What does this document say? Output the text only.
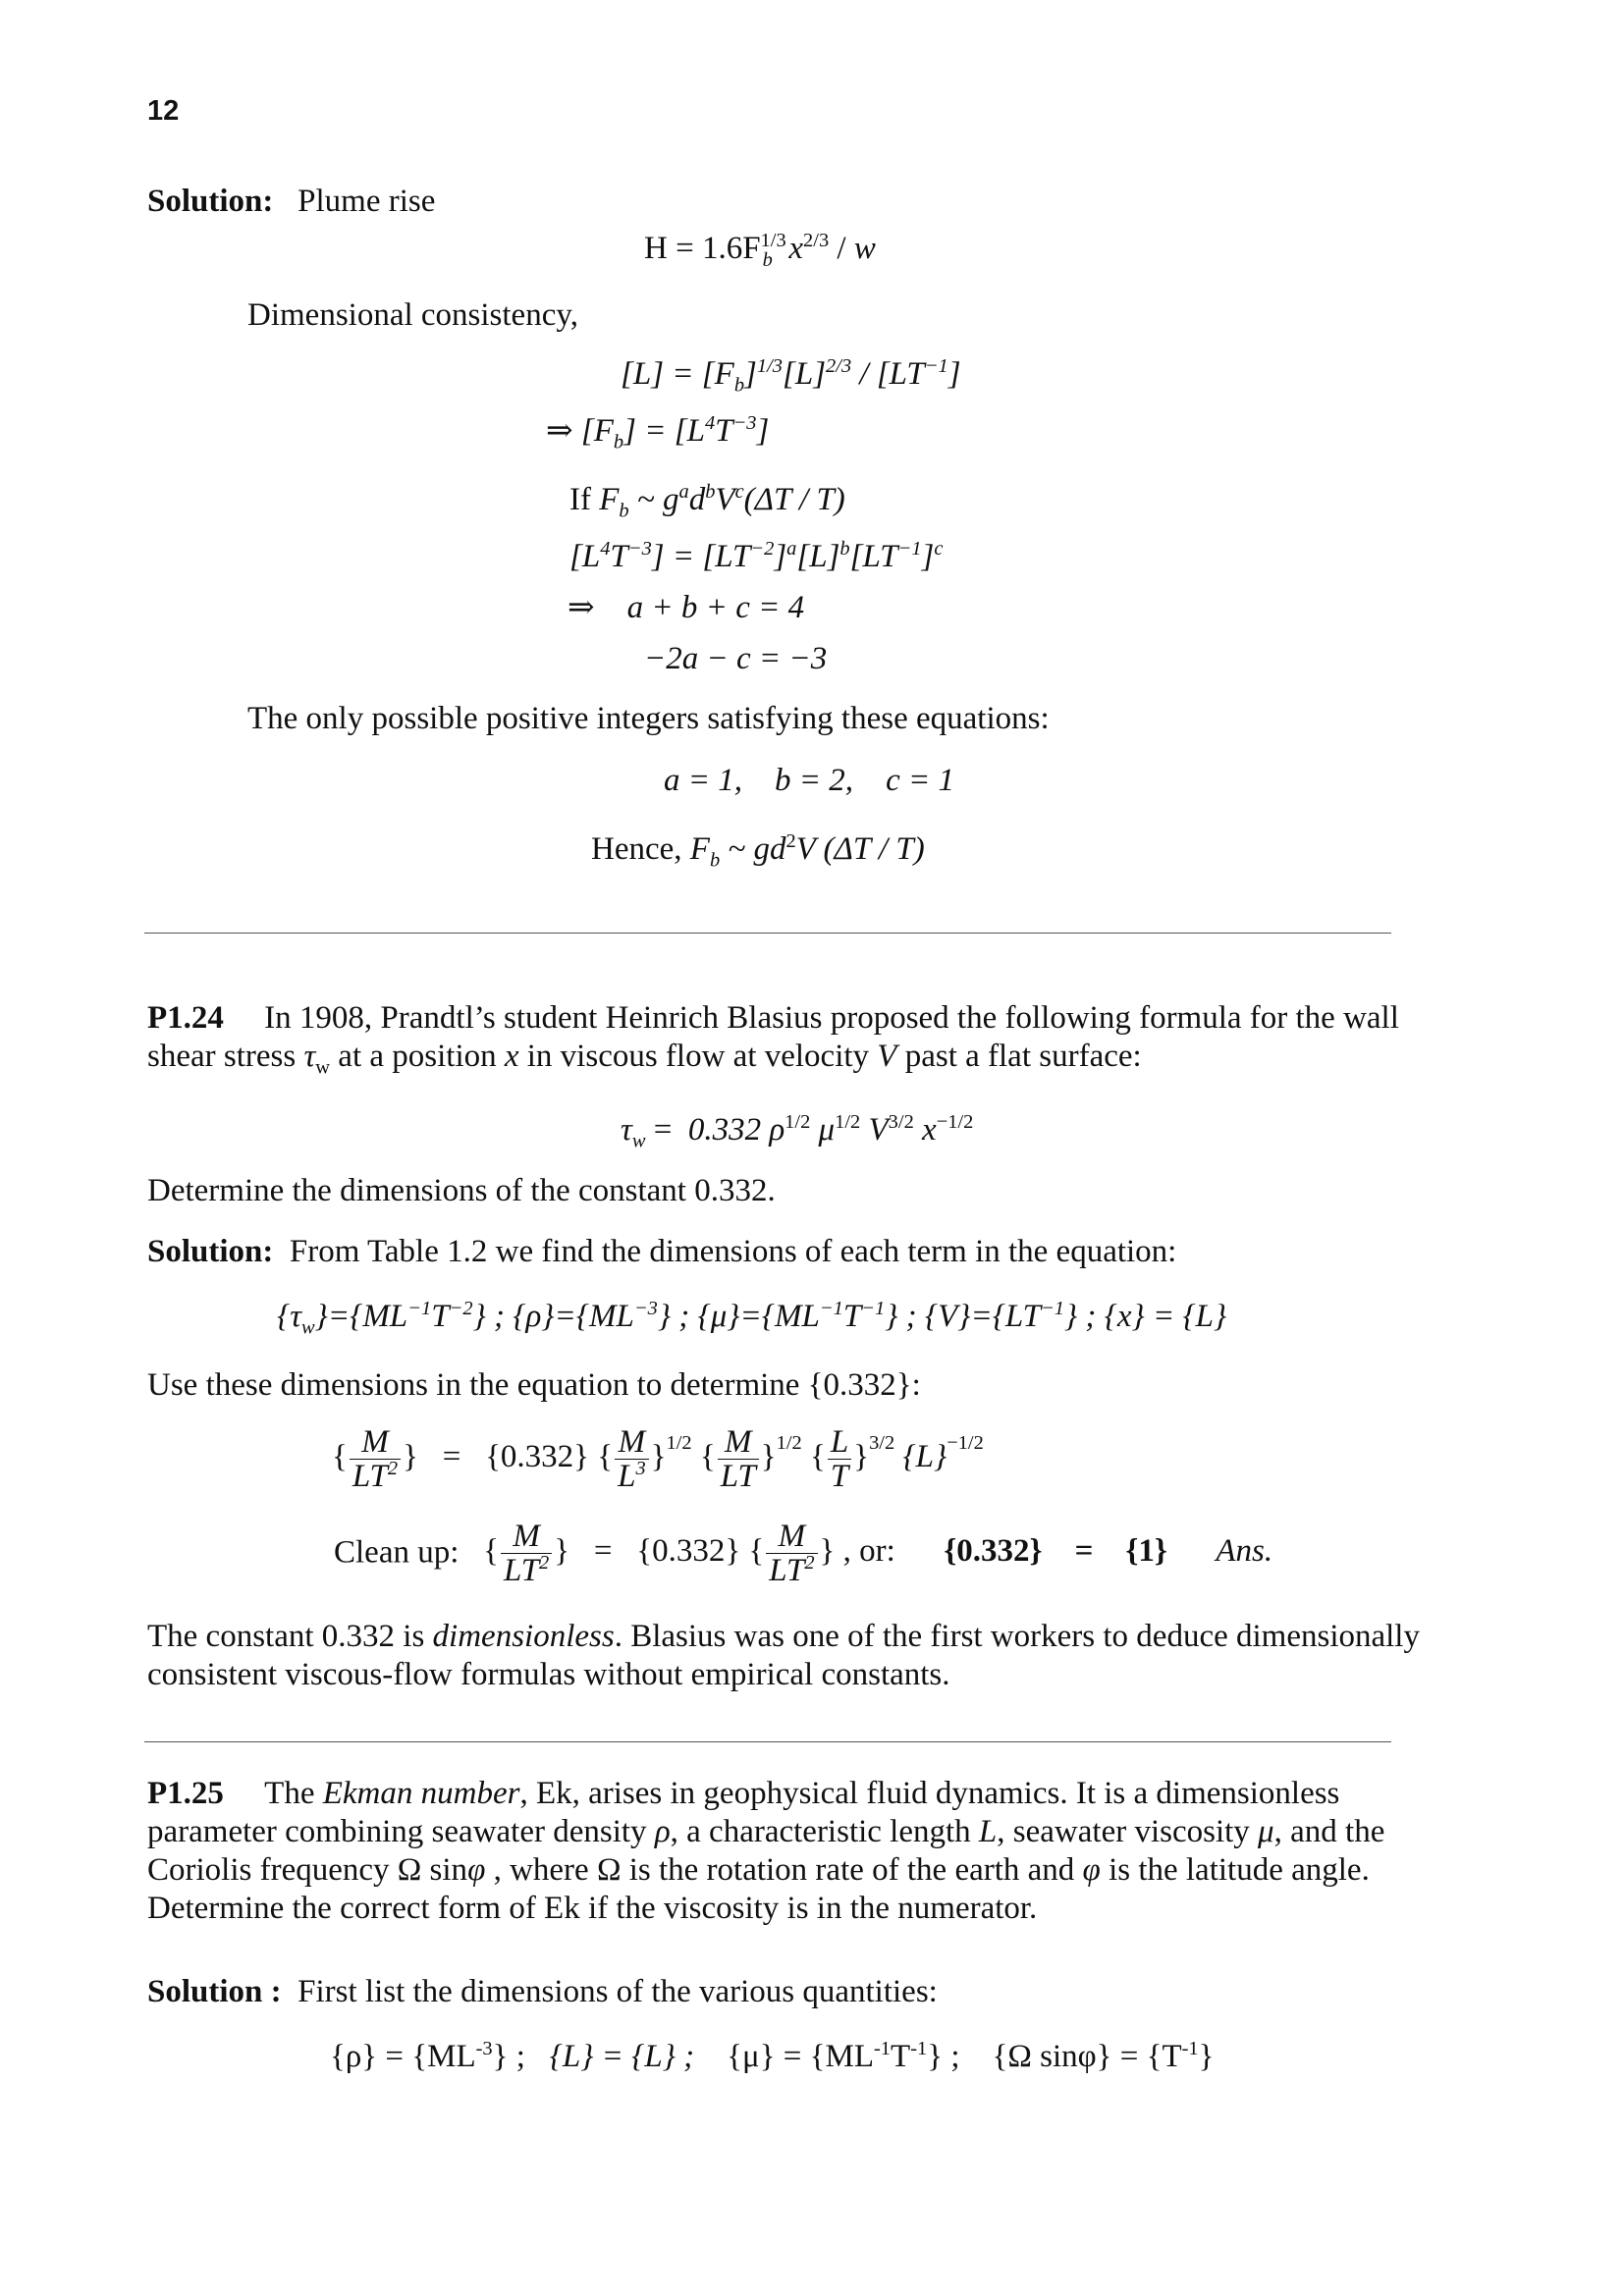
12
Solution: Plume rise
$H = 1.6F^{1/3}_b$ $x^{2/3}$ / w
Dimensional consistency,
$[L] = [F_b]^{1/3}[L]^{2/3} / [LT^{-1}]$
⇒ $[F_b] = [L^4T^{-3}]$
If $F_b$ ~ $g^ad^bV^c(\Delta T / T)$
$[L^4T^{-3}] = [LT^{-2}]^a[L]^b[LT^{-1}]^c$
⇒ a + b + c = 4
−2a − c = −3
The only possible positive integers satisfying these equations:
a = 1, b = 2, c = 1
Hence, $F_b$ ~ $gd^2V$ (ΔT / T)
P1.24 In 1908, Prandtl’s student Heinrich Blasius proposed the following formula for the wall shear stress $\tau_w$ at a position x in viscous flow at velocity V past a flat surface:
$\tau_w = 0.332$ $\rho^{1/2}$ $\mu^{1/2}$ $V^{3/2}$ $x^{-1/2}$
Determine the dimensions of the constant 0.332.
Solution: From Table 1.2 we find the dimensions of each term in the equation:
$\{\tau_w\}=\{ML^{-1}T^{-2}\}$ ; $\{\rho\}=\{ML^{-3}\}$ ; $\{\mu\}=\{ML^{-1}T^{-1}\}$ ; $\{V\}=\{LT^{-1}\}$ ; {x} = {L}
Use these dimensions in the equation to determine {0.332}:
{ $\frac{M}{LT^2}$ } = {0.332} { $\frac{M}{L^3} \}^{1/2}$ { $\frac{M}{LT} \}^{1/2}$ { $\frac{L}{T} \}^{3/2}$ $\{L\}^{-1/2}$
Clean up: { $\frac{M}{LT^2}$ } = {0.332} { $\frac{M}{LT^2}$ } , or: {0.332} = {1} Ans.
The constant 0.332 is dimensionless. Blasius was one of the first workers to deduce dimensionally consistent viscous-flow formulas without empirical constants.
P1.25 The Ekman number, Ek, arises in geophysical fluid dynamics. It is a dimensionless parameter combining seawater density ρ, a characteristic length L, seawater viscosity μ, and the Coriolis frequency Ω sinφ , where Ω is the rotation rate of the earth and φ is the latitude angle. Determine the correct form of Ek if the viscosity is in the numerator.
Solution : First list the dimensions of the various quantities:
$\{\rho\} = \{ML^{-3}\}$ ; {L} = {L} ; $\{\mu\} = \{ML^{-1}T^{-1}\}$ ; {Ω $\sin\varphi\} = \{T^{-1}\}$
